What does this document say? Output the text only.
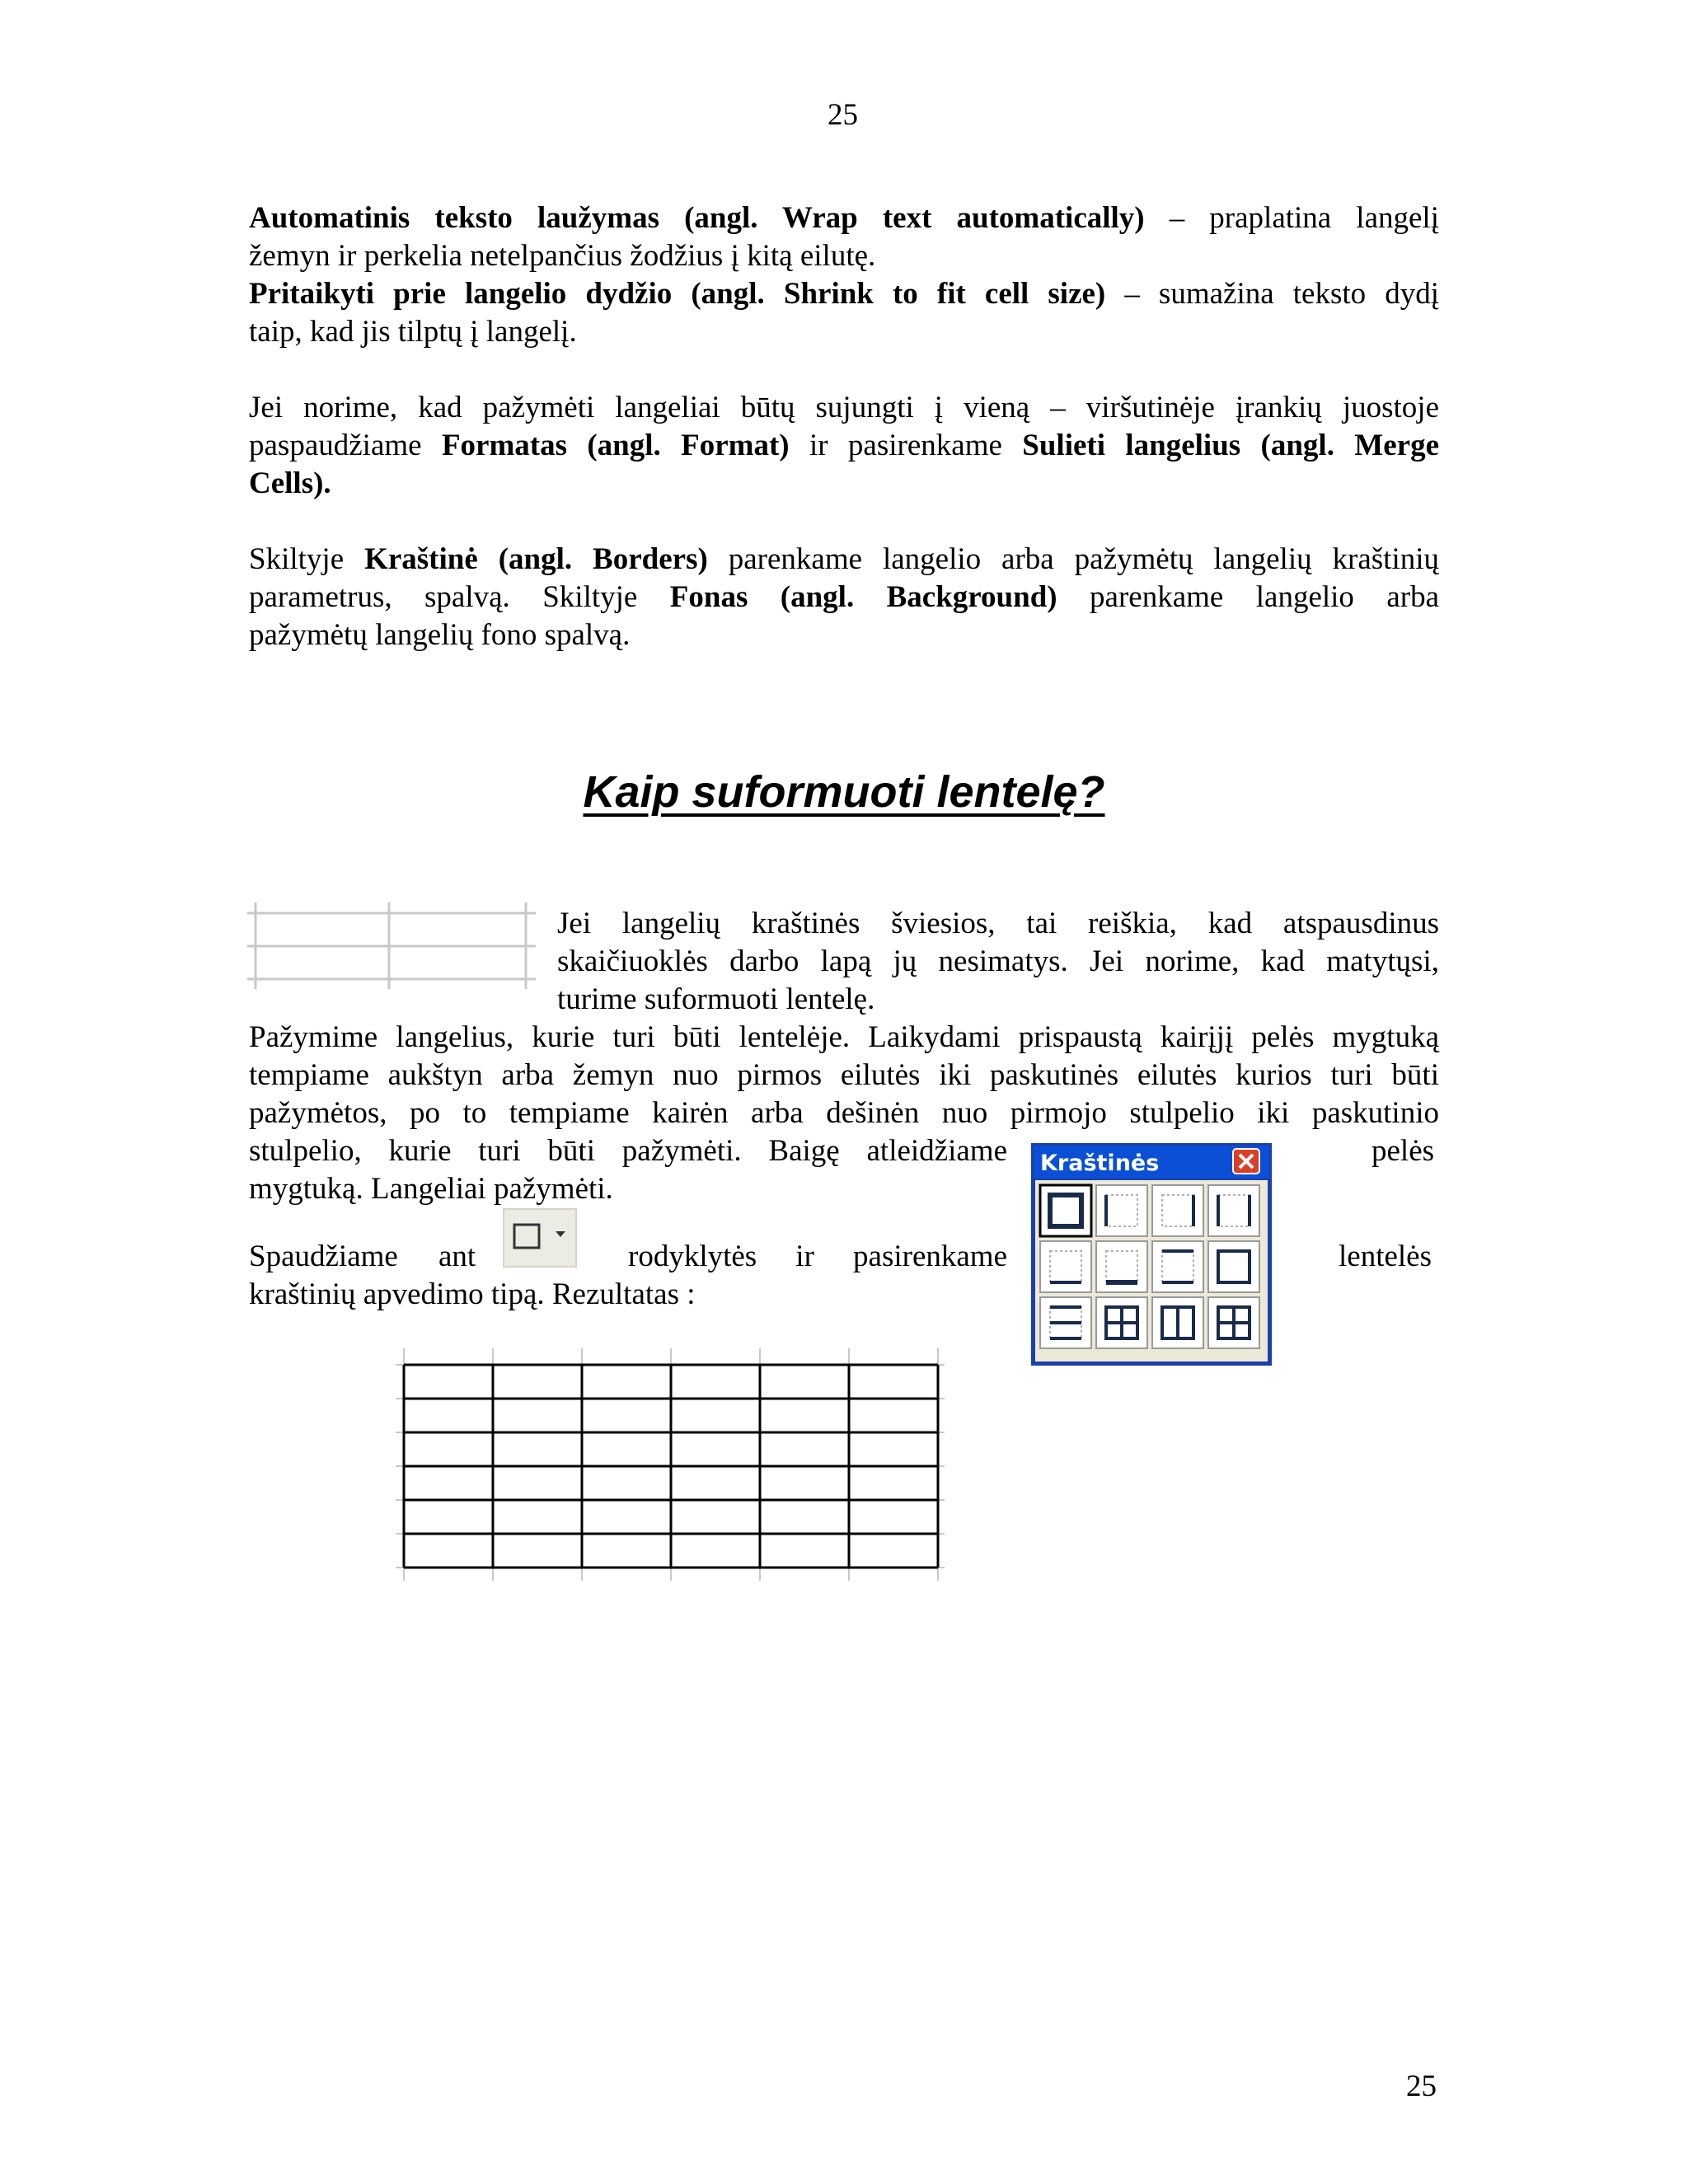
25
Automatinis teksto laužymas (angl. Wrap text automatically) – praplatina langelį
žemyn ir perkelia netelpančius žodžius į kitą eilutę.
Pritaikyti prie langelio dydžio (angl. Shrink to fit cell size) – sumažina teksto dydį
taip, kad jis tilptų į langelį.
Jei norime, kad pažymėti langeliai būtų sujungti į vieną – viršutinėje įrankių juostoje
paspaudžiame Formatas (angl. Format) ir pasirenkame Sulieti langelius (angl. Merge
Cells).
Skiltyje Kraštinė (angl. Borders) parenkame langelio arba pažymėtų langelių kraštinių
parametrus, spalvą. Skiltyje Fonas (angl. Background) parenkame langelio arba
pažymėtų langelių fono spalvą.
Kaip suformuoti lentelę?
Jei langelių kraštinės šviesios, tai reiškia, kad atspausdinus
skaičiuoklės darbo lapą jų nesimatys. Jei norime, kad matytųsi,
turime suformuoti lentelę.
Pažymime langelius, kurie turi būti lentelėje. Laikydami prispaustą kairįjį pelės mygtuką
tempiame aukštyn arba žemyn nuo pirmos eilutės iki paskutinės eilutės kurios turi būti
pažymėtos, po to tempiame kairėn arba dešinėn nuo pirmojo stulpelio iki paskutinio
stulpelio, kurie turi būti pažymėti. Baigę atleidžiame	pelės
mygtuką. Langeliai pažymėti.
Spaudžiame ant	rodyklytės ir pasirenkame	lentelės
kraštinių apvedimo tipą. Rezultatas :
Kraštinės
25
